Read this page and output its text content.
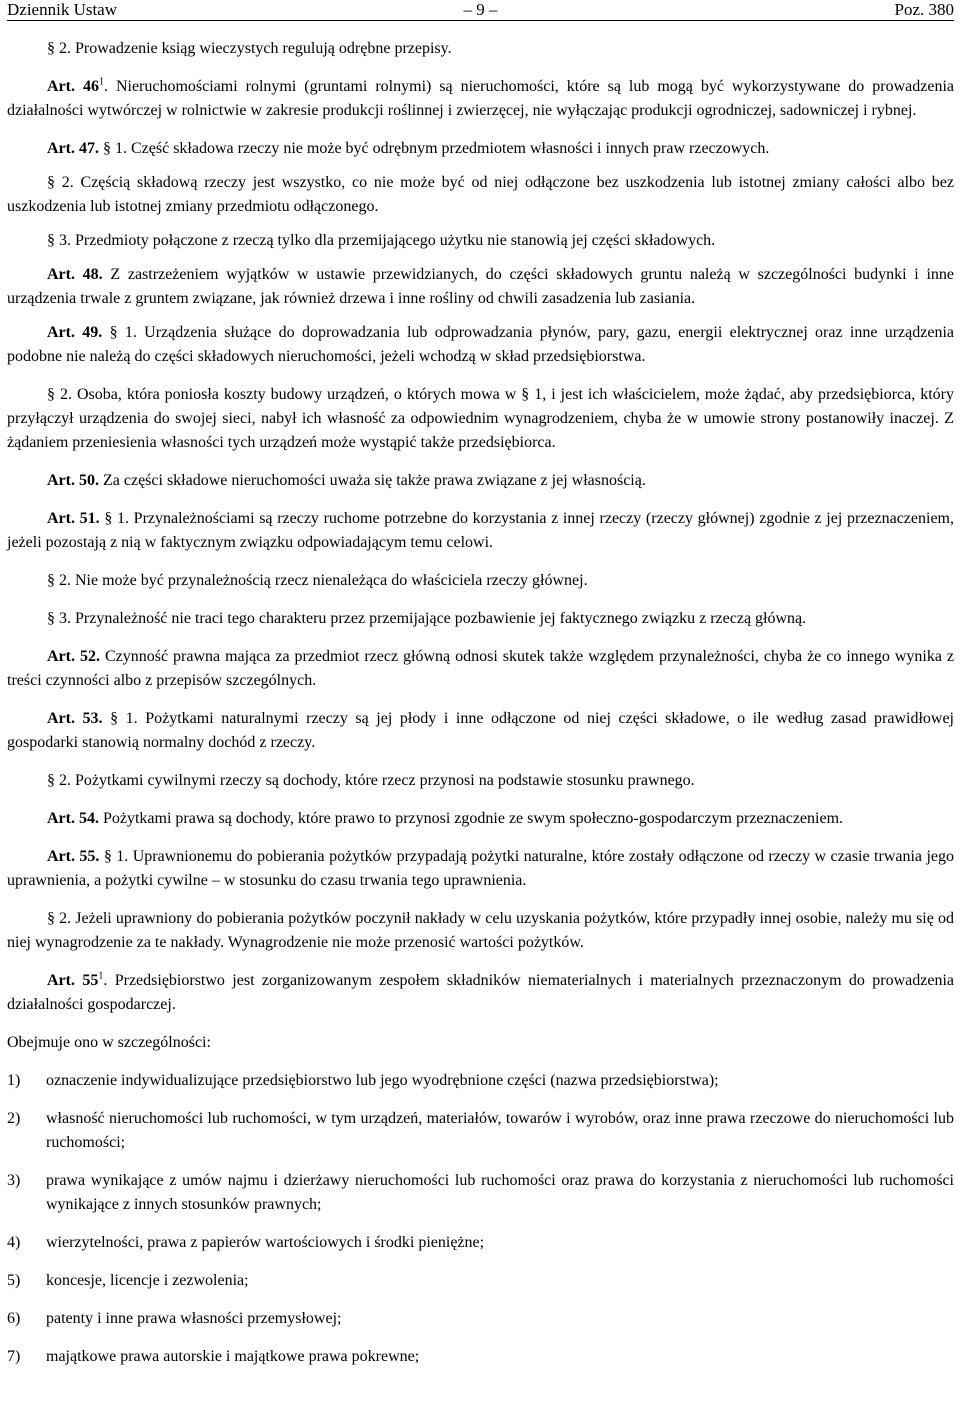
Dziennik Ustaw	– 9 –	Poz. 380

§ 2. Prowadzenie ksiąg wieczystych regulują odrębne przepisy.

Art. $46^1$. Nieruchomościami rolnymi (gruntami rolnymi) są nieruchomości, które są lub mogą być wykorzystywane do prowadzenia działalności wytwórczej w rolnictwie w zakresie produkcji roślinnej i zwierzęcej, nie wyłączając produkcji ogrodniczej, sadowniczej i rybnej.

Art. 47. § 1. Część składowa rzeczy nie może być odrębnym przedmiotem własności i innych praw rzeczowych.

§ 2. Częścią składową rzeczy jest wszystko, co nie może być od niej odłączone bez uszkodzenia lub istotnej zmiany całości albo bez uszkodzenia lub istotnej zmiany przedmiotu odłączonego.

§ 3. Przedmioty połączone z rzeczą tylko dla przemijającego użytku nie stanowią jej części składowych.

Art. 48. Z zastrzeżeniem wyjątków w ustawie przewidzianych, do części składowych gruntu należą w szczególności budynki i inne urządzenia trwale z gruntem związane, jak również drzewa i inne rośliny od chwili zasadzenia lub zasiania.

Art. 49. § 1. Urządzenia służące do doprowadzania lub odprowadzania płynów, pary, gazu, energii elektrycznej oraz inne urządzenia podobne nie należą do części składowych nieruchomości, jeżeli wchodzą w skład przedsiębiorstwa.

§ 2. Osoba, która poniosła koszty budowy urządzeń, o których mowa w § 1, i jest ich właścicielem, może żądać, aby przedsiębiorca, który przyłączył urządzenia do swojej sieci, nabył ich własność za odpowiednim wynagrodzeniem, chyba że w umowie strony postanowiły inaczej. Z żądaniem przeniesienia własności tych urządzeń może wystąpić także przedsiębiorca.

Art. 50. Za części składowe nieruchomości uważa się także prawa związane z jej własnością.

Art. 51. § 1. Przynależnościami są rzeczy ruchome potrzebne do korzystania z innej rzeczy (rzeczy głównej) zgodnie z jej przeznaczeniem, jeżeli pozostają z nią w faktycznym związku odpowiadającym temu celowi.

§ 2. Nie może być przynależnością rzecz nienależąca do właściciela rzeczy głównej.

§ 3. Przynależność nie traci tego charakteru przez przemijające pozbawienie jej faktycznego związku z rzeczą główną.

Art. 52. Czynność prawna mająca za przedmiot rzecz główną odnosi skutek także względem przynależności, chyba że co innego wynika z treści czynności albo z przepisów szczególnych.

Art. 53. § 1. Pożytkami naturalnymi rzeczy są jej płody i inne odłączone od niej części składowe, o ile według zasad prawidłowej gospodarki stanowią normalny dochód z rzeczy.

§ 2. Pożytkami cywilnymi rzeczy są dochody, które rzecz przynosi na podstawie stosunku prawnego.

Art. 54. Pożytkami prawa są dochody, które prawo to przynosi zgodnie ze swym społeczno-gospodarczym przeznaczeniem.

Art. 55. § 1. Uprawnionemu do pobierania pożytków przypadają pożytki naturalne, które zostały odłączone od rzeczy w czasie trwania jego uprawnienia, a pożytki cywilne – w stosunku do czasu trwania tego uprawnienia.

§ 2. Jeżeli uprawniony do pobierania pożytków poczynił nakłady w celu uzyskania pożytków, które przypadły innej osobie, należy mu się od niej wynagrodzenie za te nakłady. Wynagrodzenie nie może przenosić wartości pożytków.

Art. $55^1$. Przedsiębiorstwo jest zorganizowanym zespołem składników niematerialnych i materialnych przeznaczonym do prowadzenia działalności gospodarczej.

Obejmuje ono w szczególności:

1) oznaczenie indywidualizujące przedsiębiorstwo lub jego wyodrębnione części (nazwa przedsiębiorstwa);
2) własność nieruchomości lub ruchomości, w tym urządzeń, materiałów, towarów i wyrobów, oraz inne prawa rzeczowe do nieruchomości lub ruchomości;
3) prawa wynikające z umów najmu i dzierżawy nieruchomości lub ruchomości oraz prawa do korzystania z nieruchomości lub ruchomości wynikające z innych stosunków prawnych;
4) wierzytelności, prawa z papierów wartościowych i środki pieniężne;
5) koncesje, licencje i zezwolenia;
6) patenty i inne prawa własności przemysłowej;
7) majątkowe prawa autorskie i majątkowe prawa pokrewne;
